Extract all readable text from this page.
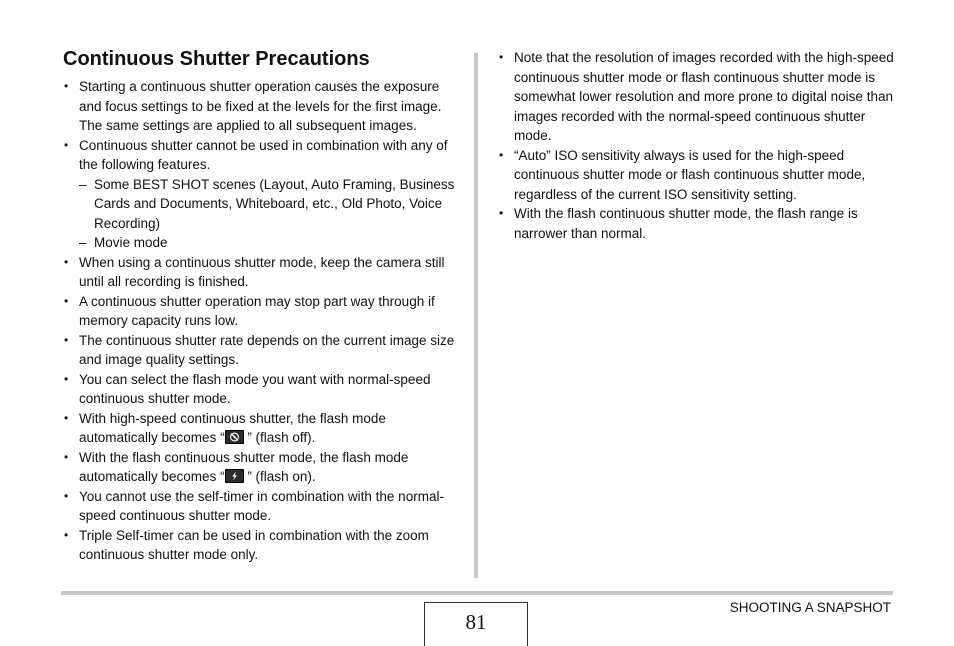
Continuous Shutter Precautions
• Starting a continuous shutter operation causes the exposure and focus settings to be fixed at the levels for the first image. The same settings are applied to all subsequent images.
• Continuous shutter cannot be used in combination with any of the following features.
– Some BEST SHOT scenes (Layout, Auto Framing, Business Cards and Documents, Whiteboard, etc., Old Photo, Voice Recording)
– Movie mode
• When using a continuous shutter mode, keep the camera still until all recording is finished.
• A continuous shutter operation may stop part way through if memory capacity runs low.
• The continuous shutter rate depends on the current image size and image quality settings.
• You can select the flash mode you want with normal-speed continuous shutter mode.
• With high-speed continuous shutter, the flash mode automatically becomes “
” (flash off).
• With the flash continuous shutter mode, the flash mode automatically becomes “
” (flash on).
• You cannot use the self-timer in combination with the normal-speed continuous shutter mode.
• Triple Self-timer can be used in combination with the zoom continuous shutter mode only.
• Note that the resolution of images recorded with the high-speed continuous shutter mode or flash continuous shutter mode is somewhat lower resolution and more prone to digital noise than images recorded with the normal-speed continuous shutter mode.
• “Auto” ISO sensitivity always is used for the high-speed continuous shutter mode or flash continuous shutter mode, regardless of the current ISO sensitivity setting.
• With the flash continuous shutter mode, the flash range is narrower than normal.
81
SHOOTING A SNAPSHOT
